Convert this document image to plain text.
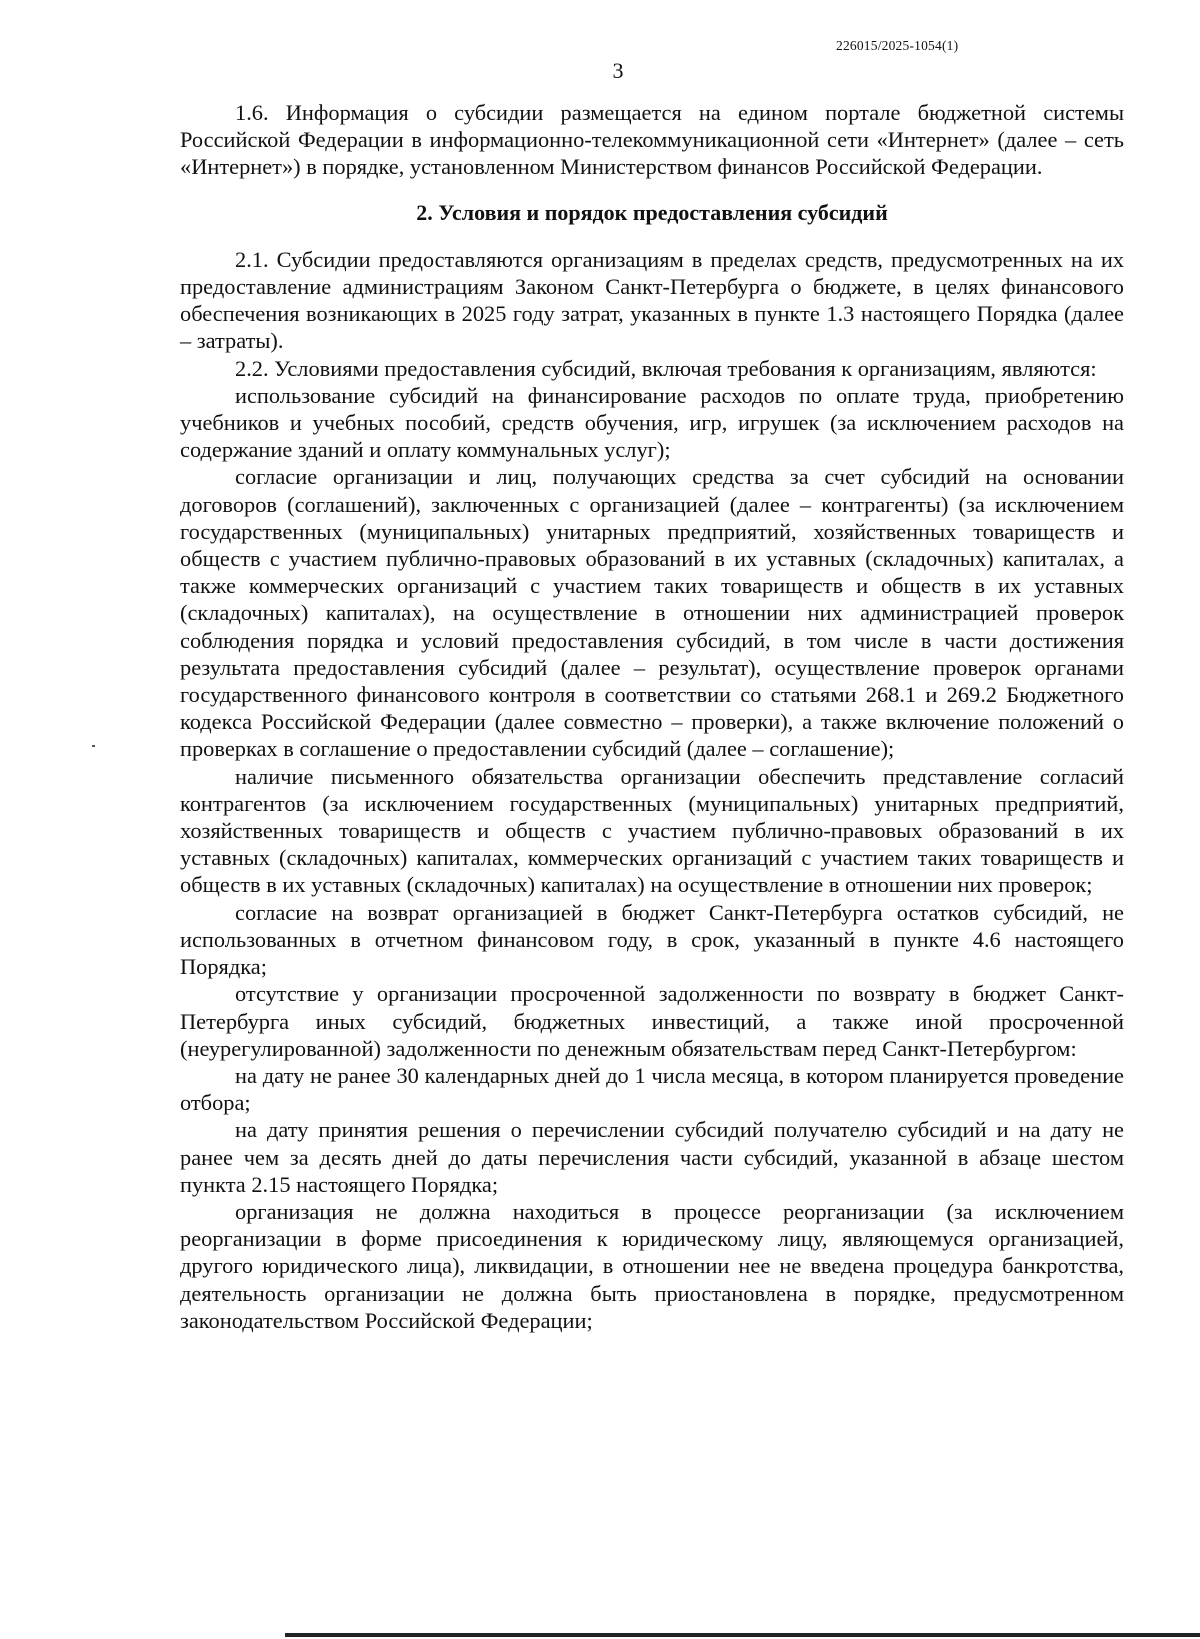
226015/2025-1054(1)
3

1.6. Информация о субсидии размещается на едином портале бюджетной системы Российской Федерации в информационно-телекоммуникационной сети «Интернет» (далее – сеть «Интернет») в порядке, установленном Министерством финансов Российской Федерации.

2. Условия и порядок предоставления субсидий

2.1. Субсидии предоставляются организациям в пределах средств, предусмотренных на их предоставление администрациям Законом Санкт-Петербурга о бюджете, в целях финансового обеспечения возникающих в 2025 году затрат, указанных в пункте 1.3 настоящего Порядка (далее – затраты).

2.2. Условиями предоставления субсидий, включая требования к организациям, являются:

использование субсидий на финансирование расходов по оплате труда, приобретению учебников и учебных пособий, средств обучения, игр, игрушек (за исключением расходов на содержание зданий и оплату коммунальных услуг);

согласие организации и лиц, получающих средства за счет субсидий на основании договоров (соглашений), заключенных с организацией (далее – контрагенты) (за исключением государственных (муниципальных) унитарных предприятий, хозяйственных товариществ и обществ с участием публично-правовых образований в их уставных (складочных) капиталах, а также коммерческих организаций с участием таких товариществ и обществ в их уставных (складочных) капиталах), на осуществление в отношении них администрацией проверок соблюдения порядка и условий предоставления субсидий, в том числе в части достижения результата предоставления субсидий (далее – результат), осуществление проверок органами государственного финансового контроля в соответствии со статьями 268.1 и 269.2 Бюджетного кодекса Российской Федерации (далее совместно – проверки), а также включение положений о проверках в соглашение о предоставлении субсидий (далее – соглашение);

наличие письменного обязательства организации обеспечить представление согласий контрагентов (за исключением государственных (муниципальных) унитарных предприятий, хозяйственных товариществ и обществ с участием публично-правовых образований в их уставных (складочных) капиталах, коммерческих организаций с участием таких товариществ и обществ в их уставных (складочных) капиталах) на осуществление в отношении них проверок;

согласие на возврат организацией в бюджет Санкт-Петербурга остатков субсидий, не использованных в отчетном финансовом году, в срок, указанный в пункте 4.6 настоящего Порядка;

отсутствие у организации просроченной задолженности по возврату в бюджет Санкт-Петербурга иных субсидий, бюджетных инвестиций, а также иной просроченной (неурегулированной) задолженности по денежным обязательствам перед Санкт-Петербургом:

на дату не ранее 30 календарных дней до 1 числа месяца, в котором планируется проведение отбора;

на дату принятия решения о перечислении субсидий получателю субсидий и на дату не ранее чем за десять дней до даты перечисления части субсидий, указанной в абзаце шестом пункта 2.15 настоящего Порядка;

организация не должна находиться в процессе реорганизации (за исключением реорганизации в форме присоединения к юридическому лицу, являющемуся организацией, другого юридического лица), ликвидации, в отношении нее не введена процедура банкротства, деятельность организации не должна быть приостановлена в порядке, предусмотренном законодательством Российской Федерации;
